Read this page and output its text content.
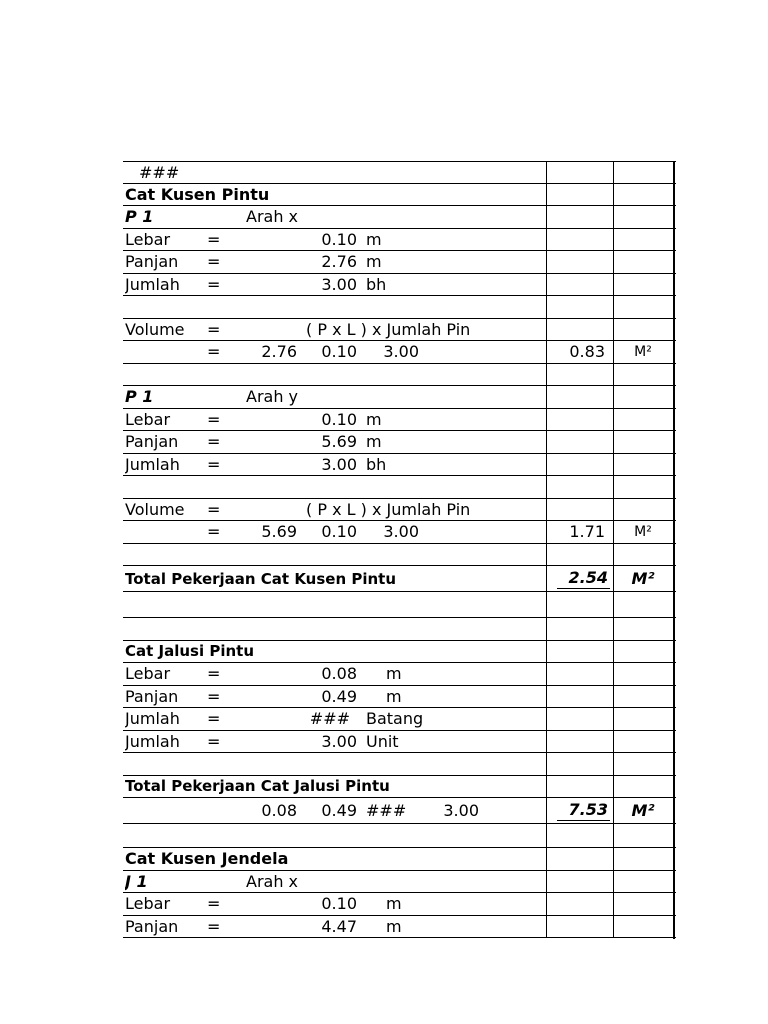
###
Cat Kusen Pintu
P 1	Arah x
Lebar =	0.10 m
Panjan =	2.76 m
Jumlah =	3.00 bh
Volume =	( P x L ) x Jumlah Pin
=	2.76 0.10 3.00	0.83 M²
P 1	Arah y
Lebar =	0.10 m
Panjan =	5.69 m
Jumlah =	3.00 bh
Volume =	( P x L ) x Jumlah Pin
=	5.69 0.10 3.00	1.71 M²
Total Pekerjaan Cat Kusen Pintu	2.54 M²
Cat Jalusi Pintu
Lebar =	0.08 m
Panjan =	0.49 m
Jumlah =	### Batang
Jumlah =	3.00 Unit
Total Pekerjaan Cat Jalusi Pintu
0.08 0.49 ### 3.00	7.53 M²
Cat Kusen Jendela
J 1	Arah x
Lebar =	0.10 m
Panjan =	4.47 m
